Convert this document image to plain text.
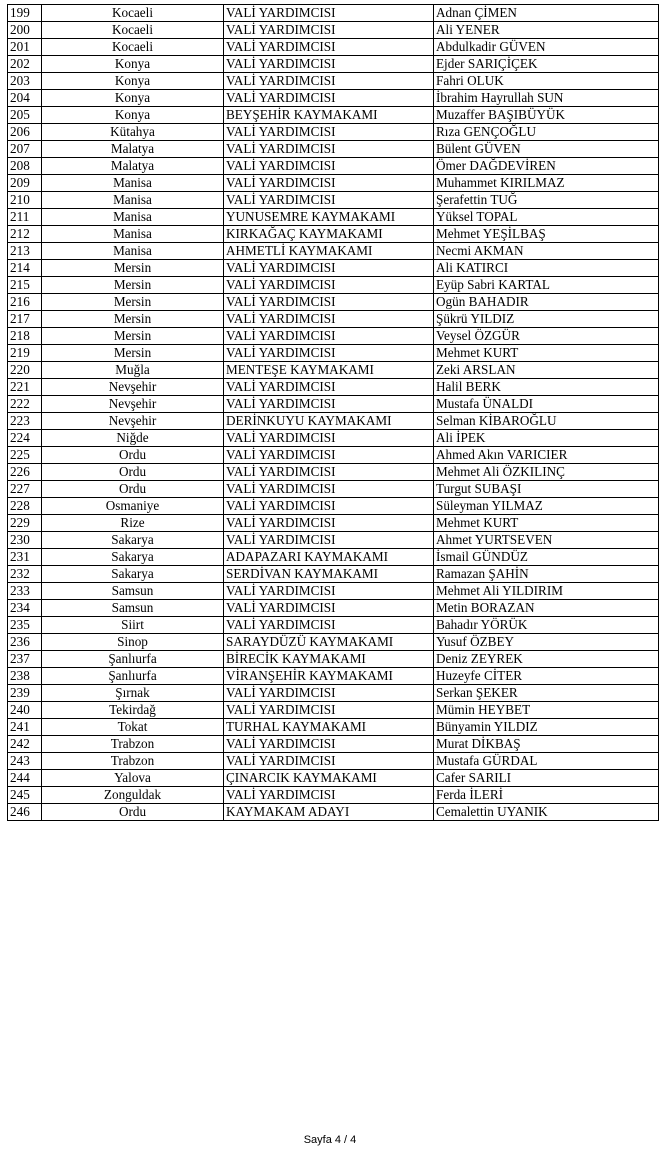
199	Kocaeli	VALİ YARDIMCISI	Adnan ÇİMEN
200	Kocaeli	VALİ YARDIMCISI	Ali YENER
201	Kocaeli	VALİ YARDIMCISI	Abdulkadir GÜVEN
202	Konya	VALİ YARDIMCISI	Ejder SARIÇİÇEK
203	Konya	VALİ YARDIMCISI	Fahri OLUK
204	Konya	VALİ YARDIMCISI	İbrahim Hayrullah SUN
205	Konya	BEYŞEHİR KAYMAKAMI	Muzaffer BAŞIBÜYÜK
206	Kütahya	VALİ YARDIMCISI	Rıza GENÇOĞLU
207	Malatya	VALİ YARDIMCISI	Bülent GÜVEN
208	Malatya	VALİ YARDIMCISI	Ömer DAĞDEVİREN
209	Manisa	VALİ YARDIMCISI	Muhammet KIRILMAZ
210	Manisa	VALİ YARDIMCISI	Şerafettin TUĞ
211	Manisa	YUNUSEMRE KAYMAKAMI	Yüksel TOPAL
212	Manisa	KIRKAĞAÇ KAYMAKAMI	Mehmet YEŞİLBAŞ
213	Manisa	AHMETLİ KAYMAKAMI	Necmi AKMAN
214	Mersin	VALİ YARDIMCISI	Ali KATIRCI
215	Mersin	VALİ YARDIMCISI	Eyüp Sabri KARTAL
216	Mersin	VALİ YARDIMCISI	Ogün BAHADIR
217	Mersin	VALİ YARDIMCISI	Şükrü YILDIZ
218	Mersin	VALİ YARDIMCISI	Veysel ÖZGÜR
219	Mersin	VALİ YARDIMCISI	Mehmet KURT
220	Muğla	MENTEŞE KAYMAKAMI	Zeki ARSLAN
221	Nevşehir	VALİ YARDIMCISI	Halil BERK
222	Nevşehir	VALİ YARDIMCISI	Mustafa ÜNALDI
223	Nevşehir	DERİNKUYU KAYMAKAMI	Selman KİBAROĞLU
224	Niğde	VALİ YARDIMCISI	Ali İPEK
225	Ordu	VALİ YARDIMCISI	Ahmed Akın VARICIER
226	Ordu	VALİ YARDIMCISI	Mehmet Ali ÖZKILINÇ
227	Ordu	VALİ YARDIMCISI	Turgut SUBAŞI
228	Osmaniye	VALİ YARDIMCISI	Süleyman YILMAZ
229	Rize	VALİ YARDIMCISI	Mehmet KURT
230	Sakarya	VALİ YARDIMCISI	Ahmet YURTSEVEN
231	Sakarya	ADAPAZARI KAYMAKAMI	İsmail GÜNDÜZ
232	Sakarya	SERDİVAN KAYMAKAMI	Ramazan ŞAHİN
233	Samsun	VALİ YARDIMCISI	Mehmet Ali YILDIRIM
234	Samsun	VALİ YARDIMCISI	Metin BORAZAN
235	Siirt	VALİ YARDIMCISI	Bahadır YÖRÜK
236	Sinop	SARAYDÜZÜ KAYMAKAMI	Yusuf ÖZBEY
237	Şanlıurfa	BİRECİK KAYMAKAMI	Deniz ZEYREK
238	Şanlıurfa	VİRANŞEHİR KAYMAKAMI	Huzeyfe CİTER
239	Şırnak	VALİ YARDIMCISI	Serkan ŞEKER
240	Tekirdağ	VALİ YARDIMCISI	Mümin HEYBET
241	Tokat	TURHAL KAYMAKAMI	Bünyamin YILDIZ
242	Trabzon	VALİ YARDIMCISI	Murat DİKBAŞ
243	Trabzon	VALİ YARDIMCISI	Mustafa GÜRDAL
244	Yalova	ÇINARCIK KAYMAKAMI	Cafer SARILI
245	Zonguldak	VALİ YARDIMCISI	Ferda İLERİ
246	Ordu	KAYMAKAM ADAYI	Cemalettin UYANIK
Sayfa 4 / 4
